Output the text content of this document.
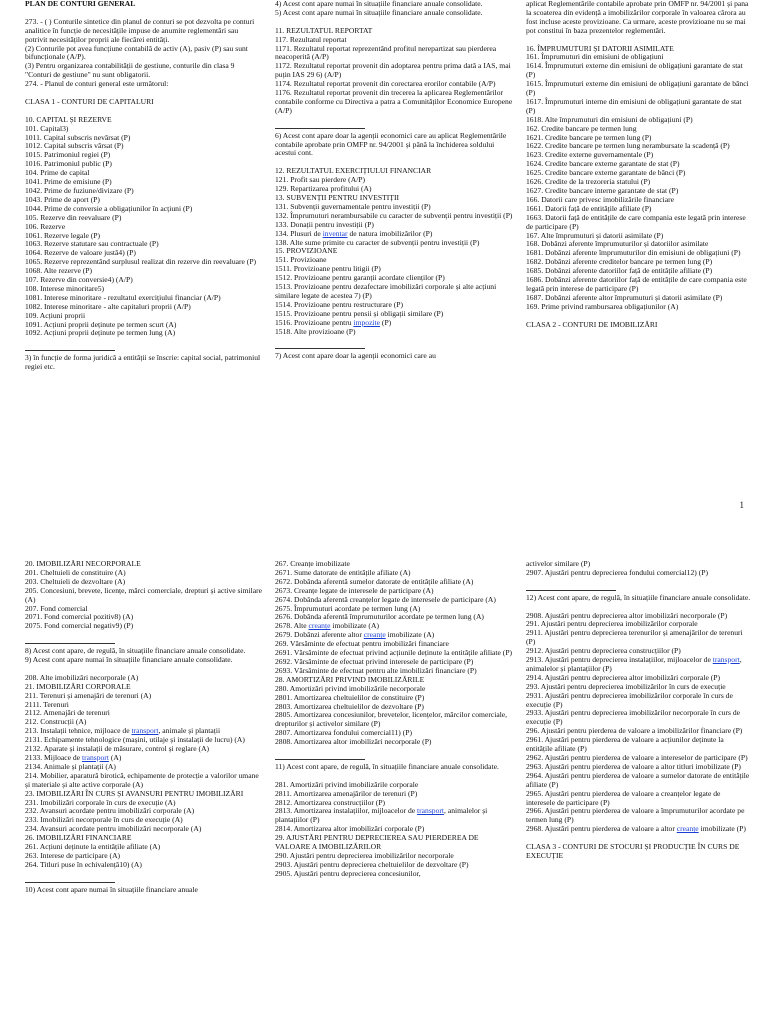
PLAN DE CONTURI GENERAL

273. - ( ) Conturile sintetice din planul de conturi se pot dezvolta pe conturi analitice în funcție de necesitățile impuse de anumite reglementări sau potrivit necesităților proprii ale fiecărei entități.

(2) Conturile pot avea funcțiune contabilă de activ (A), pasiv (P) sau sunt bifuncționale (A/P).

(3) Pentru organizarea contabilității de gestiune, conturile din clasa 9 "Conturi de gestiune" nu sunt obligatorii.

274. - Planul de conturi general este următorul:

CLASA 1 - CONTURI DE CAPITALURI

10. CAPITAL ȘI REZERVE

101. Capital3)

1011. Capital subscris nevărsat (P)

1012. Capital subscris vărsat (P)

1015. Patrimoniul regiei (P)

1016. Patrimoniul public (P)

104. Prime de capital

1041. Prime de emisiune (P)

1042. Prime de fuziune/divizare (P)

1043. Prime de aport (P)

1044. Prime de conversie a obligațiunilor în acțiuni (P)

105. Rezerve din reevaluare (P)

106. Rezerve

1061. Rezerve legale (P)

1063. Rezerve statutare sau contractuale (P)

1064. Rezerve de valoare justă4) (P)

1065. Rezerve reprezentând surplusul realizat din rezerve din reevaluare (P)

1068. Alte rezerve (P)

107. Rezerve din conversie4) (A/P)

108. Interese minoritare5)

1081. Interese minoritare - rezultatul exercițiului financiar (A/P)

1082. Interese minoritare - alte capitaluri proprii (A/P)

109. Acțiuni proprii

1091. Acțiuni proprii deținute pe termen scurt (A)

1092. Acțiuni proprii deținute pe termen lung (A)

3) în funcție de forma juridică a entității se înscrie: capital social, patrimoniul regiei etc.

4) Acest cont apare numai în situațiile financiare anuale consolidate.

5) Acest cont apare numai în situațiile financiare anuale consolidate.

11. REZULTATUL REPORTAT

117. Rezultatul reportat

1171. Rezultatul reportat reprezentând profitul nerepartizat sau pierderea neacoperită (A/P)

1172. Rezultatul reportat provenit din adoptarea pentru prima dată a IAS, mai puțin IAS 29 6) (A/P)

1174. Rezultatul reportat provenit din corectarea erorilor contabile (A/P)

1176. Rezultatul reportat provenit din trecerea la aplicarea Reglementărilor contabile conforme cu Directiva a patra a Comunităților Economice Europene (A/P)

6) Acest cont apare doar la agenții economici care au aplicat Reglementările contabile aprobate prin OMFP nr. 94/2001 și până la închiderea soldului acestui cont.

12. REZULTATUL EXERCIȚIULUI FINANCIAR

121. Profit sau pierdere (A/P)

129. Repartizarea profitului (A)

13. SUBVENȚII PENTRU INVESTIȚII

131. Subvenții guvernamentale pentru investiții (P)

132. Împrumuturi nerambursabile cu caracter de subvenții pentru investiții (P)

133. Donații pentru investiții (P)

134. Plusuri de inventar de natura imobilizărilor (P)

138. Alte sume primite cu caracter de subvenții pentru investiții (P)

15. PROVIZIOANE

151. Provizioane

1511. Provizioane pentru litigii (P)

1512. Provizioane pentru garanții acordate clienților (P)

1513. Provizioane pentru dezafectare imobilizări corporale și alte acțiuni similare legate de acestea 7) (P)

1514. Provizioane pentru restructurare (P)

1515. Provizioane pentru pensii și obligații similare (P)

1516. Provizioane pentru impozite (P)

1518. Alte provizioane (P)

7) Acest cont apare doar la agenții economici care au

aplicat Reglementările contabile aprobate prin OMFP nr. 94/2001 și pana la scoaterea din evidență a imobilizărilor corporale în valoarea cărora au fost incluse aceste provizioane. Ca urmare, aceste provizioane nu se mai pot constitui în baza prezentelor reglementări.

16. ÎMPRUMUTURI ȘI DATORII ASIMILATE

161. Împrumuturi din emisiuni de obligațiuni

1614. Împrumuturi externe din emisiuni de obligațiuni garantate de stat (P)

1615. Împrumuturi externe din emisiuni de obligațiuni garantate de bănci (P)

1617. Împrumuturi interne din emisiuni de obligațiuni garantate de stat (P)

1618. Alte împrumuturi din emisiuni de obligațiuni (P)

162. Credite bancare pe termen lung

1621. Credite bancare pe termen lung (P)

1622. Credite bancare pe termen lung nerambursate la scadență (P)

1623. Credite externe guvernamentale (P)

1624. Credite bancare externe garantate de stat (P)

1625. Credite bancare externe garantate de bănci (P)

1626. Credite de la trezoreria statului (P)

1627. Credite bancare interne garantate de stat (P)

166. Datorii care privesc imobilizările financiare

1661. Datorii față de entitățile afiliate (P)

1663. Datorii față de entitățile de care compania este legată prin interese de participare (P)

167. Alte împrumuturi și datorii asimilate (P)

168. Dobânzi aferente împrumuturilor și datoriilor asimilate

1681. Dobânzi aferente împrumuturilor din emisiuni de obligațiuni (P)

1682. Dobânzi aferente creditelor bancare pe termen lung (P)

1685. Dobânzi aferente datoriilor față de entitățile afiliate (P)

1686. Dobânzi aferente datoriilor față de entitățile de care compania este legată prin interese de participare (P)

1687. Dobânzi aferente altor împrumuturi și datorii asimilate (P)

169. Prime privind rambursarea obligațiunilor (A)

CLASA 2 - CONTURI DE IMOBILIZĂRI

1

20. IMOBILIZĂRI NECORPORALE

201. Cheltuieli de constituire (A)

203. Cheltuieli de dezvoltare (A)

205. Concesiuni, brevete, licențe, mărci comerciale, drepturi și active similare (A)

207. Fond comercial

2071. Fond comercial pozitiv8) (A)

2075. Fond comercial negativ9) (P)

8) Acest cont apare, de regulă, în situațiile financiare anuale consolidate.

9) Acest cont apare numai în situațiile financiare anuale consolidate.

208. Alte imobilizări necorporale (A)

21. IMOBILIZĂRI CORPORALE

211. Terenuri și amenajări de terenuri (A)

2111. Terenuri

2112. Amenajări de terenuri

212. Construcții (A)

213. Instalații tehnice, mijloace de transport, animale și plantații

2131. Echipamente tehnologice (mașini, utilaje și instalații de lucru) (A)

2132. Aparate și instalații de măsurare, control și reglare (A)

2133. Mijloace de transport (A)

2134. Animale și plantații (A)

214. Mobilier, aparatură birotică, echipamente de protecție a valorilor umane și materiale și alte active corporale (A)

23. IMOBILIZĂRI ÎN CURS ȘI AVANSURI PENTRU IMOBILIZĂRI

231. Imobilizări corporale în curs de execuție (A)

232. Avansuri acordate pentru imobilizări corporale (A)

233. Imobilizări necorporale în curs de execuție (A)

234. Avansuri acordate pentru imobilizări necorporale (A)

26. IMOBILIZĂRI FINANCIARE

261. Acțiuni deținute la entitățile afiliate (A)

263. Interese de participare (A)

264. Titluri puse în echivalență10) (A)

10) Acest cont apare numai în situațiile financiare anuale

267. Creanțe imobilizate

2671. Sume datorate de entitățile afiliate (A)

2672. Dobânda aferentă sumelor datorate de entitățile afiliate (A)

2673. Creanțe legate de interesele de participare (A)

2674. Dobânda aferentă creanțelor legate de interesele de participare (A)

2675. Împrumuturi acordate pe termen lung (A)

2676. Dobânda aferentă împrumuturilor acordate pe termen lung (A)

2678. Alte creanțe imobilizate (A)

2679. Dobânzi aferente altor creanțe imobilizate (A)

269. Vărsăminte de efectuat pentru imobilizări financiare

2691. Vărsăminte de efectuat privind acțiunile deținute la entitățile afiliate (P)

2692. Vărsăminte de efectuat privind interesele de participare (P)

2693. Vărsăminte de efectuat pentru alte imobilizări financiare (P)

28. AMORTIZĂRI PRIVIND IMOBILIZĂRILE

280. Amortizări privind imobilizările necorporale

2801. Amortizarea cheltuielilor de constituire (P)

2803. Amortizarea cheltuielilor de dezvoltare (P)

2805. Amortizarea concesiunilor, brevetelor, licențelor, mărcilor comerciale, drepturilor și activelor similare (P)

2807. Amortizarea fondului comercial11) (P)

2808. Amortizarea altor imobilizări necorporale (P)

11) Acest cont apare, de regulă, în situațiile financiare anuale consolidate.

281. Amortizări privind imobilizările corporale

2811. Amortizarea amenajărilor de terenuri (P)

2812. Amortizarea construcțiilor (P)

2813. Amortizarea instalațiilor, mijloacelor de transport, animalelor și plantațiilor (P)

2814. Amortizarea altor imobilizări corporale (P)

29. AJUSTĂRI PENTRU DEPRECIEREA SAU PIERDEREA DE VALOARE A IMOBILIZĂRILOR

290. Ajustări pentru deprecierea imobilizărilor necorporale

2903. Ajustări pentru deprecierea cheltuielilor de dezvoltare (P)

2905. Ajustări pentru deprecierea concesiunilor,

activelor similare (P)

2907. Ajustări pentru deprecierea fondului comercial12) (P)

12) Acest cont apare, de regulă, în situațiile financiare anuale consolidate.

2908. Ajustări pentru deprecierea altor imobilizări necorporale (P)

291. Ajustări pentru deprecierea imobilizărilor corporale

2911. Ajustări pentru deprecierea terenurilor și amenajărilor de terenuri (P)

2912. Ajustări pentru deprecierea construcțiilor (P)

2913. Ajustări pentru deprecierea instalațiilor, mijloacelor de transport, animalelor și plantațiilor (P)

2914. Ajustări pentru deprecierea altor imobilizări corporale (P)

293. Ajustări pentru deprecierea imobilizărilor în curs de execuție

2931. Ajustări pentru deprecierea imobilizărilor corporale în curs de execuție (P)

2933. Ajustări pentru deprecierea imobilizărilor necorporale în curs de execuție (P)

296. Ajustări pentru pierderea de valoare a imobilizărilor financiare (P)

2961. Ajustări pentru pierderea de valoare a acțiunilor deținute la entitățile afiliate (P)

2962. Ajustări pentru pierderea de valoare a intereselor de participare (P)

2963. Ajustări pentru pierderea de valoare a altor titluri imobilizate (P)

2964. Ajustări pentru pierderea de valoare a sumelor datorate de entitățile afiliate (P)

2965. Ajustări pentru pierderea de valoare a creanțelor legate de interesele de participare (P)

2966. Ajustări pentru pierderea de valoare a împrumuturilor acordate pe termen lung (P)

2968. Ajustări pentru pierderea de valoare a altor creanțe imobilizate (P)

CLASA 3 - CONTURI DE STOCURI ȘI PRODUCȚIE ÎN CURS DE EXECUȚIE
